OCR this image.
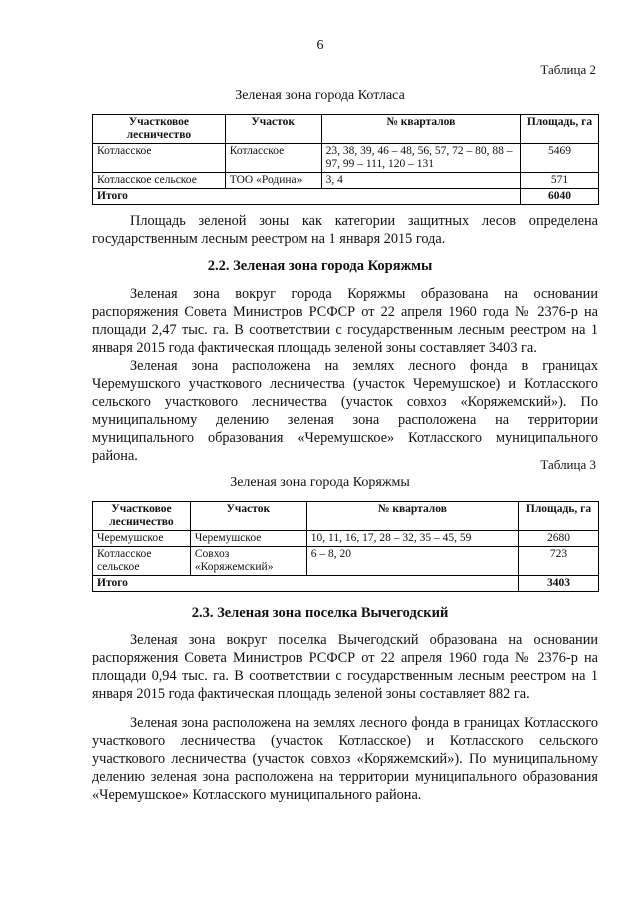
6
Таблица 2
Зеленая зона города Котласа
Участковое лесничество	Участок	№ кварталов	Площадь, га
Котласское	Котласское	23, 38, 39, 46 – 48, 56, 57, 72 – 80, 88 – 97, 99 – 111, 120 – 131	5469
Котласское сельское	ТОО «Родина»	3, 4	571
Итого			6040
Площадь зеленой зоны как категории защитных лесов определена государственным лесным реестром на 1 января 2015 года.
2.2. Зеленая зона города Коряжмы
Зеленая зона вокруг города Коряжмы образована на основании распоряжения Совета Министров РСФСР от 22 апреля 1960 года № 2376-р на площади 2,47 тыс. га. В соответствии с государственным лесным реестром на 1 января 2015 года фактическая площадь зеленой зоны составляет 3403 га.
Зеленая зона расположена на землях лесного фонда в границах Черемушского участкового лесничества (участок Черемушское) и Котласского сельского участкового лесничества (участок совхоз «Коряжемский»). По муниципальному делению зеленая зона расположена на территории муниципального образования «Черемушское» Котласского муниципального района.
Таблица 3
Зеленая зона города Коряжмы
Участковое лесничество	Участок	№ кварталов	Площадь, га
Черемушское	Черемушское	10, 11, 16, 17, 28 – 32, 35 – 45, 59	2680
Котласское сельское	Совхоз «Коряжемский»	6 – 8, 20	723
Итого			3403
2.3. Зеленая зона поселка Вычегодский
Зеленая зона вокруг поселка Вычегодский образована на основании распоряжения Совета Министров РСФСР от 22 апреля 1960 года № 2376-р на площади 0,94 тыс. га. В соответствии с государственным лесным реестром на 1 января 2015 года фактическая площадь зеленой зоны составляет 882 га.
Зеленая зона расположена на землях лесного фонда в границах Котласского участкового лесничества (участок Котласское) и Котласского сельского участкового лесничества (участок совхоз «Коряжемский»). По муниципальному делению зеленая зона расположена на территории муниципального образования «Черемушское» Котласского муниципального района.
